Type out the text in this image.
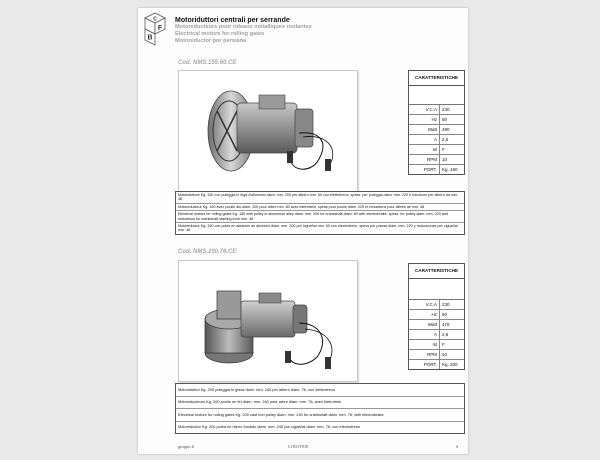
C
F
B
Motoriduttori centrali per serrande
Motoreducteurs pour rideaux métalliques roulantes
Electrical motors for rolling gates
Motoreductor por persiana
Cod. NMS.155.60.CE
CARATTERISTICHE
V.C.A	230
Hz	50
Watt	490
A	2,5
Isl	F
RPM	10
PORT.	Kg. 150
Motoriduttore Kg. 150 con puleggia in lega d'alluminio diam. mm. 200 per albero mm. 60 con elettrofreno, spess. per puleggia diam. mm. 220 e riduzione per albero da mm. 48
Motoreducteur Kg. 150 avec poulie alu diam. 200 pour arbre mm. 60 avec eletrofrein, spess pour poulie diam. 220 et reductions pour albres de mm. 48
Electrical motors for rolling gates Kg. 150 with pulley in aluminium alley diam. mm. 200 for crankshaft diam. 60 with electrobrake, spess. for pulley diam. mm. 220 and reductions for crankshaft starting from mm. 48
Motoreductor Kg. 150 con poles en aleación de aluminio diam. mm. 200 por cigueñal mm. 60 con electrofreno, spess por poleas diam. mm. 220 y reducciones por cigueñal mm. 48
Cod. NMS.200.76.CE
CARATTERISTICHE
V.C.A	230
Hz	50
Watt	476
A	2,6
Isl	F
RPM	10
PORT.	Kg. 200
Motoriduttori Kg. 200 puleggia in ghisa diam. mm. 240 per albero diam. 76, con elettrofreno
Motoreducteurs Kg. 200 poulie en fer diam. mm. 240 pour arbre diam. mm. 76, avec eletrofrein
Electrical motors for rolling gates Kg. 200 cast iron pulley diam. mm. 240 for crankshaft diam. mm. 76, with electrobrake
Motoreductor Kg. 200 polea en hierro fundido diam. mm. 240 por cigueñal diam. mm. 76, con electrofreno
gruppo 8	CIBOFER	9
